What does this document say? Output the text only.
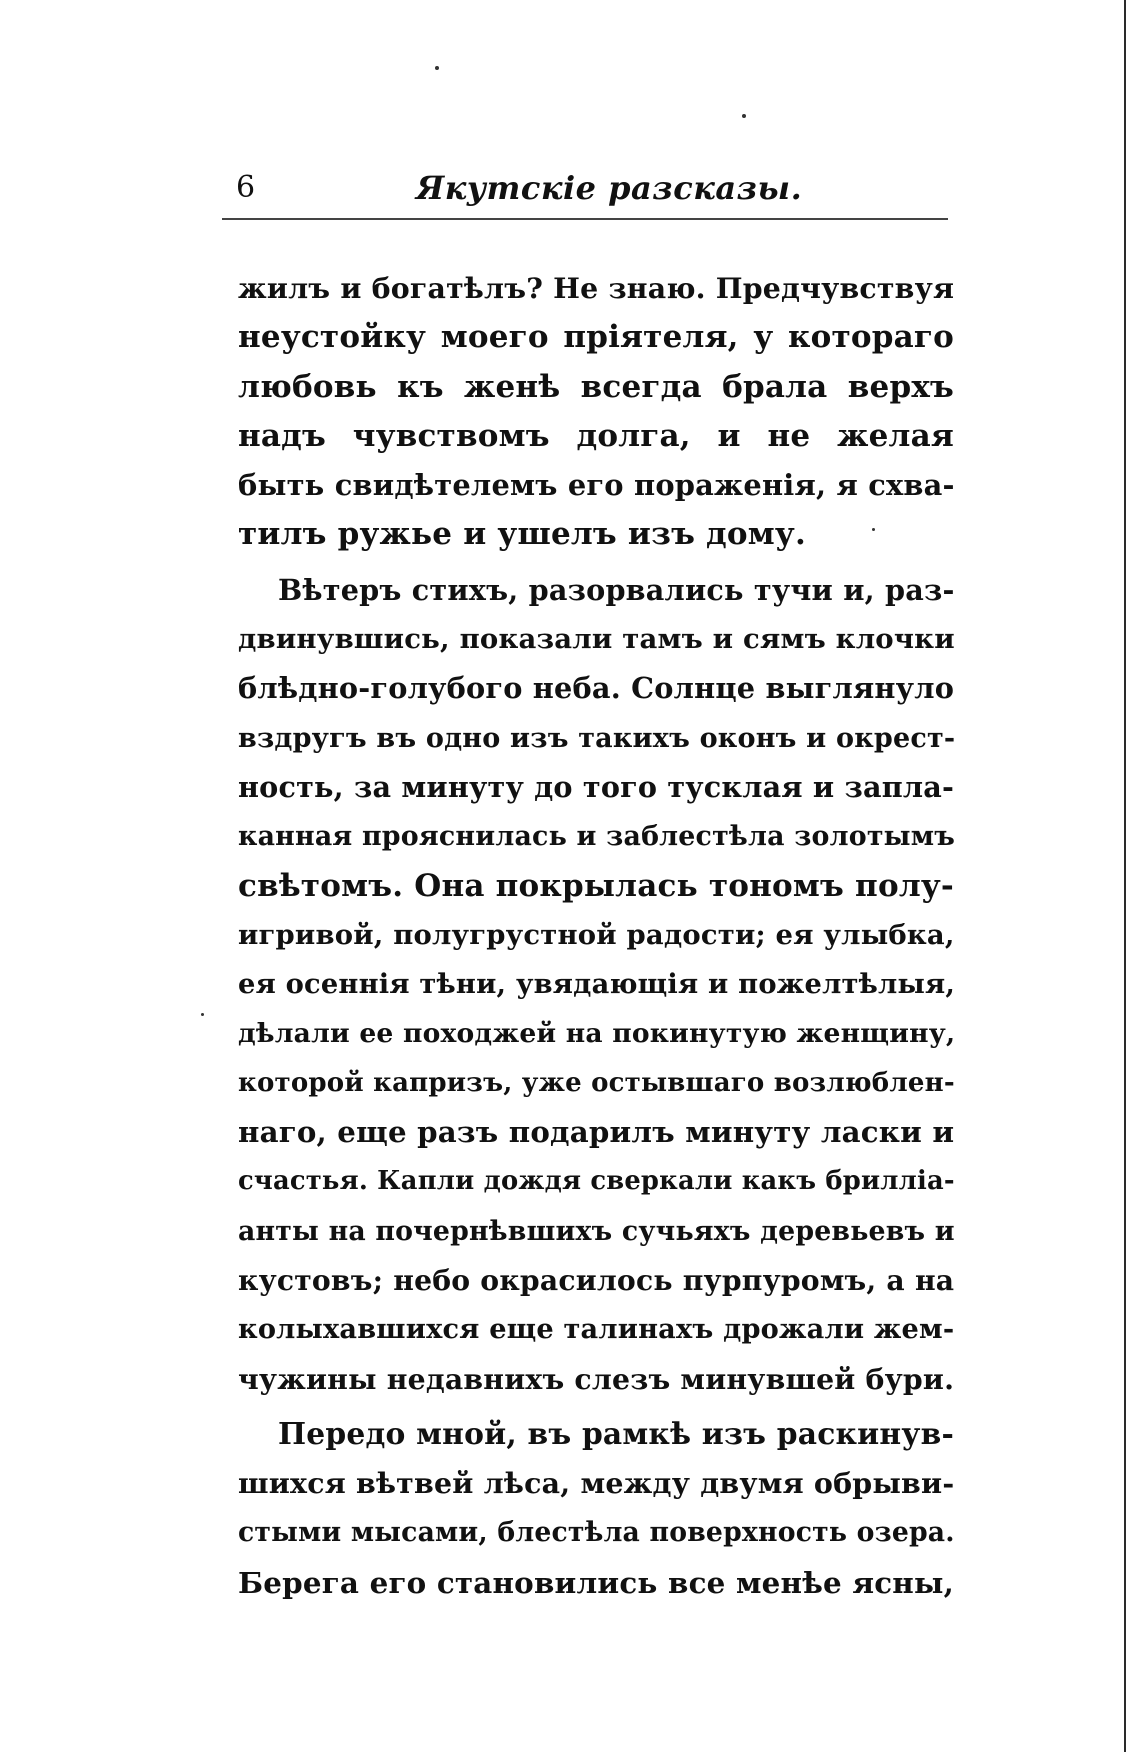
6	Якутскіе разсказы.
жилъ и богатѣлъ? Не знаю. Предчувствуя
неустойку моего пріятеля, у котораго
любовь къ женѣ всегда брала верхъ
надъ чувствомъ долга, и не желая
быть свидѣтелемъ его пораженія, я схва-
тилъ ружье и ушелъ изъ дому.
Вѣтеръ стихъ, разорвались тучи и, раз-
двинувшись, показали тамъ и сямъ клочки
блѣдно-голубого неба. Солнце выглянуло
вздругъ въ одно изъ такихъ оконъ и окрест-
ность, за минуту до того тусклая и запла-
канная прояснилась и заблестѣла золотымъ
свѣтомъ. Она покрылась тономъ полу-
игривой, полугрустной радости; ея улыбка,
ея осеннія тѣни, увядающія и пожелтѣлыя,
дѣлали ее походжей на покинутую женщину,
которой капризъ, уже остывшаго возлюблен-
наго, еще разъ подарилъ минуту ласки и
счастья. Капли дождя сверкали какъ брилліа-
анты на почернѣвшихъ сучьяхъ деревьевъ и
кустовъ; небо окрасилось пурпуромъ, а на
колыхавшихся еще талинахъ дрожали жем-
чужины недавнихъ слезъ минувшей бури.
Передо мной, въ рамкѣ изъ раскинув-
шихся вѣтвей лѣса, между двумя обрыви-
стыми мысами, блестѣла поверхность озера.
Берега его становились все менѣе ясны,
